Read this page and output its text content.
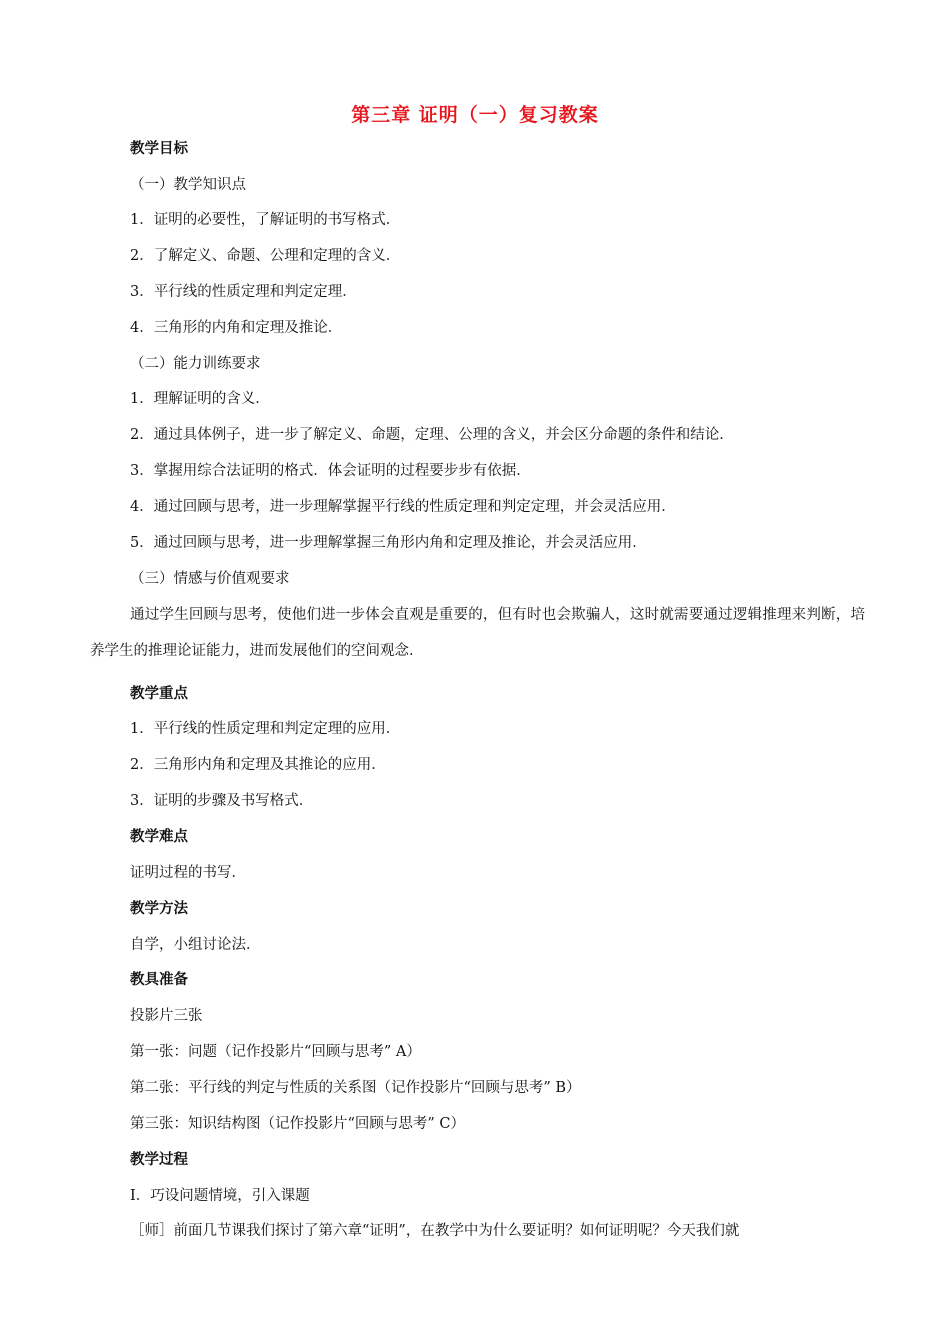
第三章 证明（一）复习教案
教学目标
（一）教学知识点
1．证明的必要性，了解证明的书写格式．
2．了解定义、命题、公理和定理的含义．
3．平行线的性质定理和判定定理．
4．三角形的内角和定理及推论．
（二）能力训练要求
1．理解证明的含义．
2．通过具体例子，进一步了解定义、命题，定理、公理的含义，并会区分命题的条件和结论．
3．掌握用综合法证明的格式．体会证明的过程要步步有依据．
4．通过回顾与思考，进一步理解掌握平行线的性质定理和判定定理，并会灵活应用．
5．通过回顾与思考，进一步理解掌握三角形内角和定理及推论，并会灵活应用．
（三）情感与价值观要求
通过学生回顾与思考，使他们进一步体会直观是重要的，但有时也会欺骗人，这时就需要通过逻辑推理来判断，培养学生的推理论证能力，进而发展他们的空间观念．
教学重点
1．平行线的性质定理和判定定理的应用．
2．三角形内角和定理及其推论的应用．
3．证明的步骤及书写格式．
教学难点
证明过程的书写．
教学方法
自学，小组讨论法．
教具准备
投影片三张
第一张：问题（记作投影片“回顾与思考” A）
第二张：平行线的判定与性质的关系图（记作投影片“回顾与思考” B）
第三张：知识结构图（记作投影片“回顾与思考” C）
教学过程
Ⅰ．巧设问题情境，引入课题
［师］前面几节课我们探讨了第六章“证明”，在教学中为什么要证明？如何证明呢？今天我们就
